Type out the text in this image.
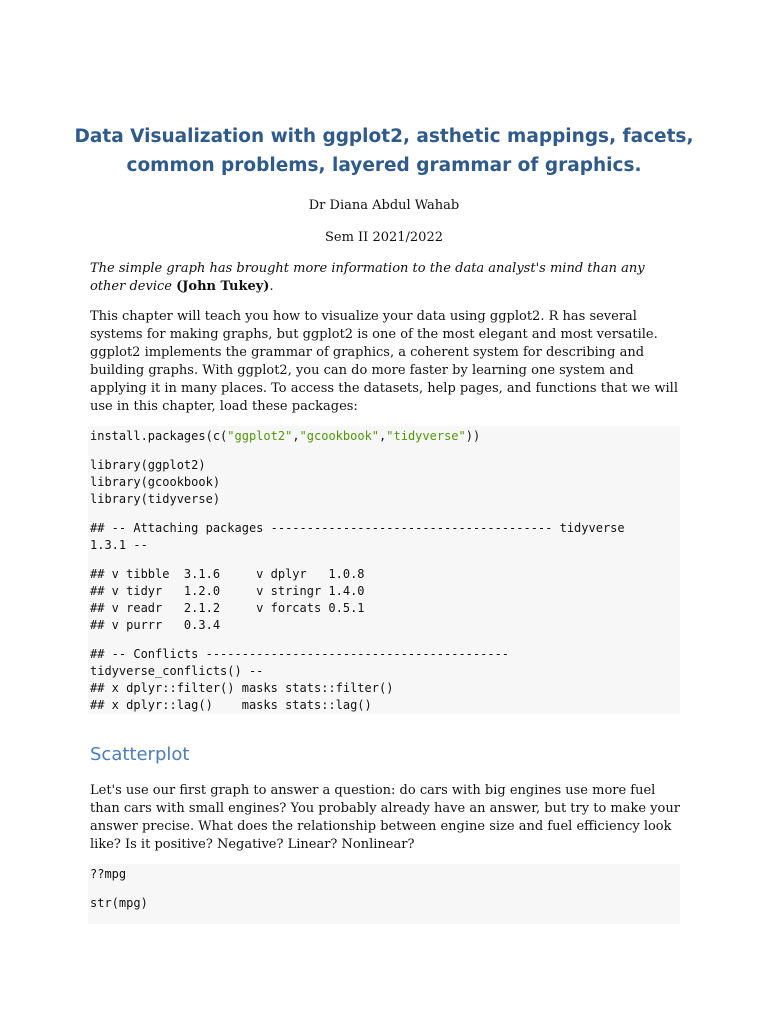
Data Visualization with ggplot2, asthetic mappings, facets,
common problems, layered grammar of graphics.

Dr Diana Abdul Wahab

Sem II 2021/2022

The simple graph has brought more information to the data analyst's mind than any other device (John Tukey).

This chapter will teach you how to visualize your data using ggplot2. R has several systems for making graphs, but ggplot2 is one of the most elegant and most versatile. ggplot2 implements the grammar of graphics, a coherent system for describing and building graphs. With ggplot2, you can do more faster by learning one system and applying it in many places. To access the datasets, help pages, and functions that we will use in this chapter, load these packages:

install.packages(c("ggplot2","gcookbook","tidyverse"))
library(ggplot2)
library(gcookbook)
library(tidyverse)
## -- Attaching packages --------------------------------------- tidyverse
1.3.1 --
## v tibble  3.1.6     v dplyr   1.0.8
## v tidyr   1.2.0     v stringr 1.4.0
## v readr   2.1.2     v forcats 0.5.1
## v purrr   0.3.4
## -- Conflicts ------------------------------------------
tidyverse_conflicts() --
## x dplyr::filter() masks stats::filter()
## x dplyr::lag()    masks stats::lag()
Scatterplot

Let's use our first graph to answer a question: do cars with big engines use more fuel than cars with small engines? You probably already have an answer, but try to make your answer precise. What does the relationship between engine size and fuel efficiency look like? Is it positive? Negative? Linear? Nonlinear?

??mpg
str(mpg)
